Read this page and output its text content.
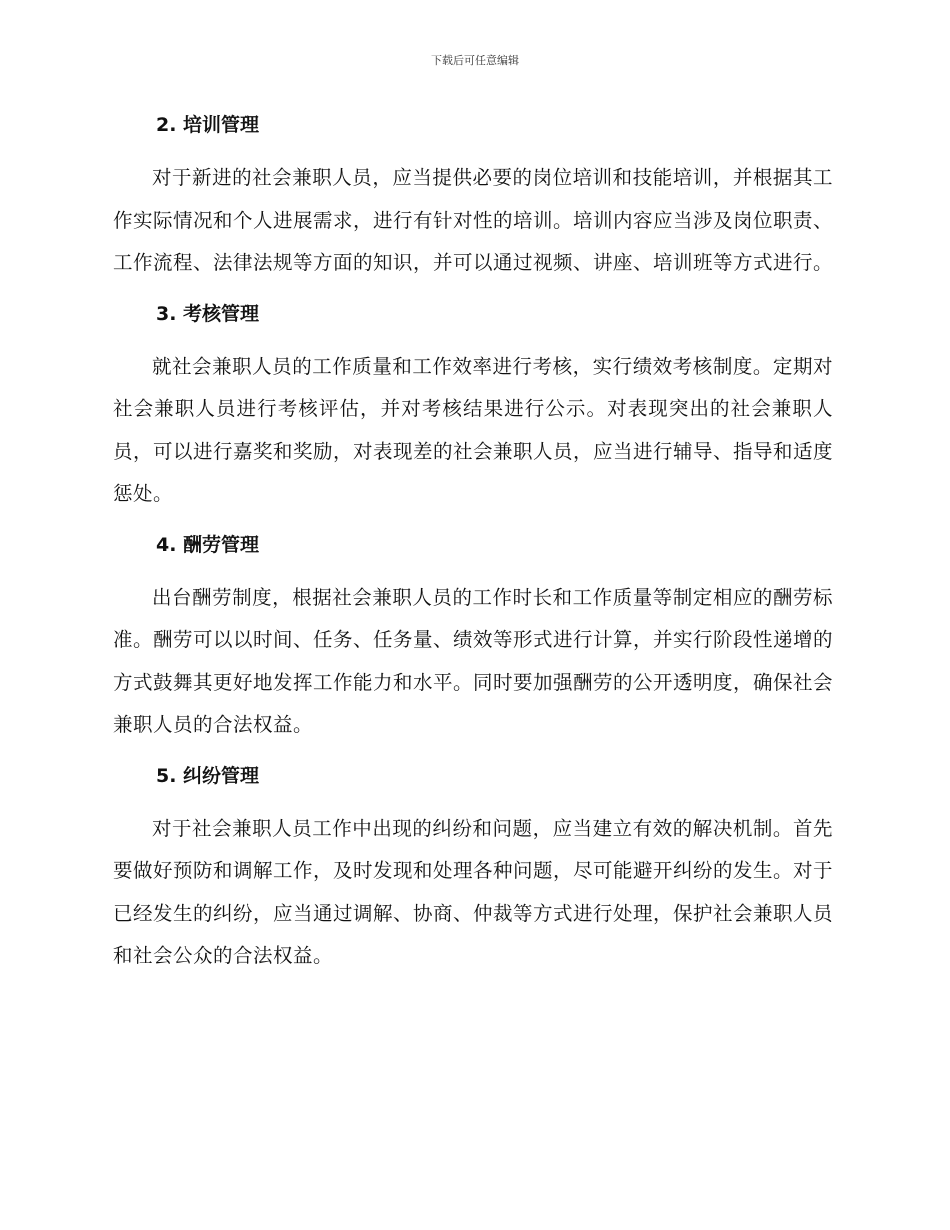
下载后可任意编辑
2. 培训管理

对于新进的社会兼职人员，应当提供必要的岗位培训和技能培训，并根据其工作实际情况和个人进展需求，进行有针对性的培训。培训内容应当涉及岗位职责、工作流程、法律法规等方面的知识，并可以通过视频、讲座、培训班等方式进行。

3. 考核管理

就社会兼职人员的工作质量和工作效率进行考核，实行绩效考核制度。定期对社会兼职人员进行考核评估，并对考核结果进行公示。对表现突出的社会兼职人员，可以进行嘉奖和奖励，对表现差的社会兼职人员，应当进行辅导、指导和适度惩处。

4. 酬劳管理

出台酬劳制度，根据社会兼职人员的工作时长和工作质量等制定相应的酬劳标准。酬劳可以以时间、任务、任务量、绩效等形式进行计算，并实行阶段性递增的方式鼓舞其更好地发挥工作能力和水平。同时要加强酬劳的公开透明度，确保社会兼职人员的合法权益。

5. 纠纷管理

对于社会兼职人员工作中出现的纠纷和问题，应当建立有效的解决机制。首先要做好预防和调解工作，及时发现和处理各种问题，尽可能避开纠纷的发生。对于已经发生的纠纷，应当通过调解、协商、仲裁等方式进行处理，保护社会兼职人员和社会公众的合法权益。
